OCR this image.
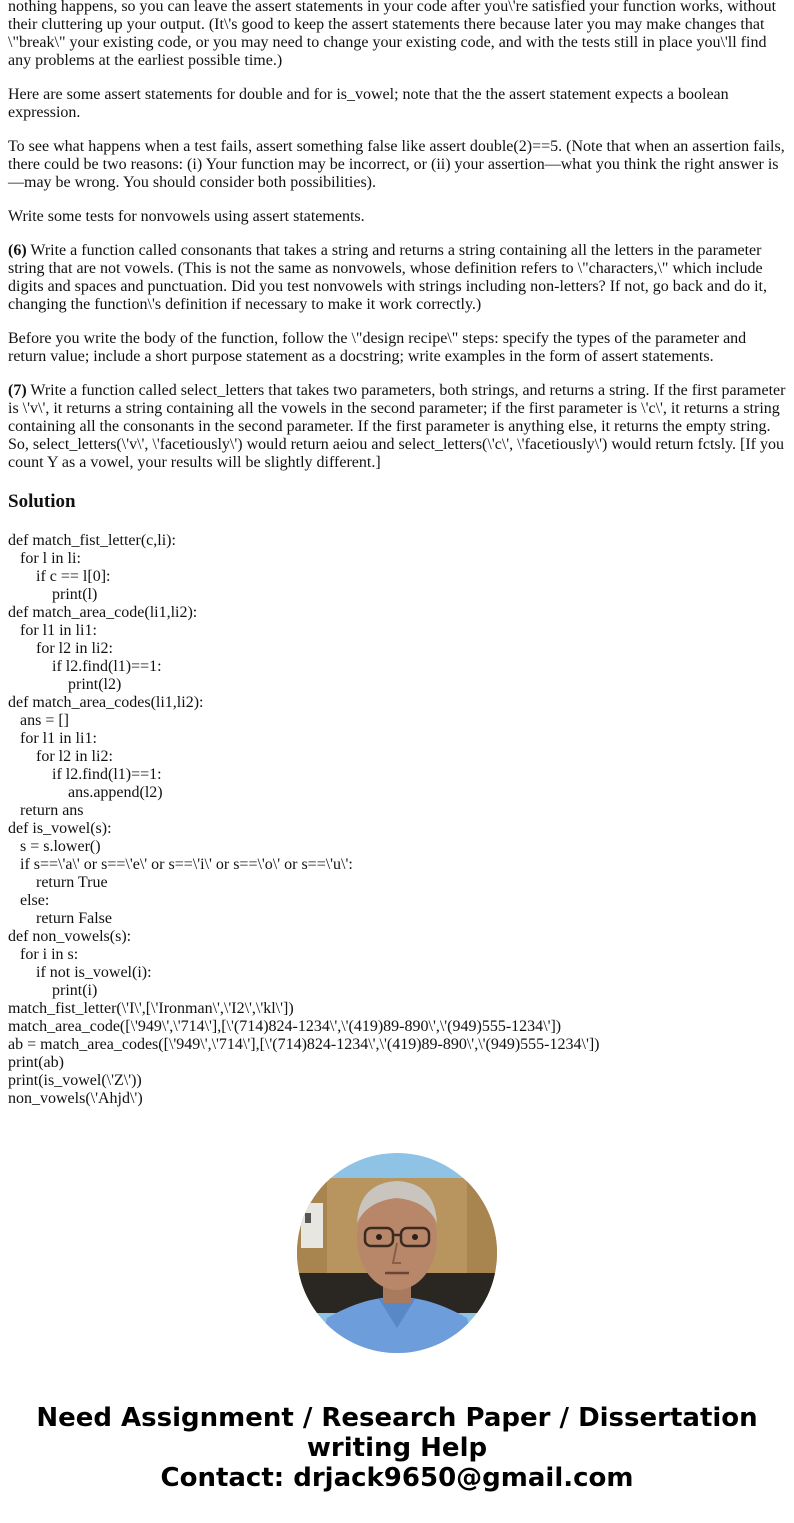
nothing happens, so you can leave the assert statements in your code after you\'re satisfied your function works, without their cluttering up your output. (It\'s good to keep the assert statements there because later you may make changes that \"break\" your existing code, or you may need to change your existing code, and with the tests still in place you\'ll find any problems at the earliest possible time.)

Here are some assert statements for double and for is_vowel; note that the the assert statement expects a boolean expression.

To see what happens when a test fails, assert something false like assert double(2)==5. (Note that when an assertion fails, there could be two reasons: (i) Your function may be incorrect, or (ii) your assertion—what you think the right answer is—may be wrong. You should consider both possibilities).

Write some tests for nonvowels using assert statements.

(6) Write a function called consonants that takes a string and returns a string containing all the letters in the parameter string that are not vowels. (This is not the same as nonvowels, whose definition refers to \"characters,\" which include digits and spaces and punctuation. Did you test nonvowels with strings including non-letters? If not, go back and do it, changing the function\'s definition if necessary to make it work correctly.)

Before you write the body of the function, follow the \"design recipe\" steps: specify the types of the parameter and return value; include a short purpose statement as a docstring; write examples in the form of assert statements.

(7) Write a function called select_letters that takes two parameters, both strings, and returns a string. If the first parameter is \'v\', it returns a string containing all the vowels in the second parameter; if the first parameter is \'c\', it returns a string containing all the consonants in the second parameter. If the first parameter is anything else, it returns the empty string. So, select_letters(\'v\', \'facetiously\') would return aeiou and select_letters(\'c\', \'facetiously\') would return fctsly. [If you count Y as a vowel, your results will be slightly different.]

Solution
def match_fist_letter(c,li):
for l in li:
if c == l[0]:
print(l)
def match_area_code(li1,li2):
for l1 in li1:
for l2 in li2:
if l2.find(l1)==1:
print(l2)
def match_area_codes(li1,li2):
ans = []
for l1 in li1:
for l2 in li2:
if l2.find(l1)==1:
ans.append(l2)
return ans
def is_vowel(s):
s = s.lower()
if s==\'a\' or s==\'e\' or s==\'i\' or s==\'o\' or s==\'u\':
return True
else:
return False
def non_vowels(s):
for i in s:
if not is_vowel(i):
print(i)
match_fist_letter(\'I\',[\'Ironman\',\'I2\',\'kl\'])
match_area_code([\'949\',\'714\'],[\'(714)824-1234\',\'(419)89-890\',\'(949)555-1234\'])
ab = match_area_codes([\'949\',\'714\'],[\'(714)824-1234\',\'(419)89-890\',\'(949)555-1234\'])
print(ab)
print(is_vowel(\'Z\'))
non_vowels(\'Ahjd\')
Need Assignment / Research Paper / Dissertation
writing Help
Contact: drjack9650@gmail.com
